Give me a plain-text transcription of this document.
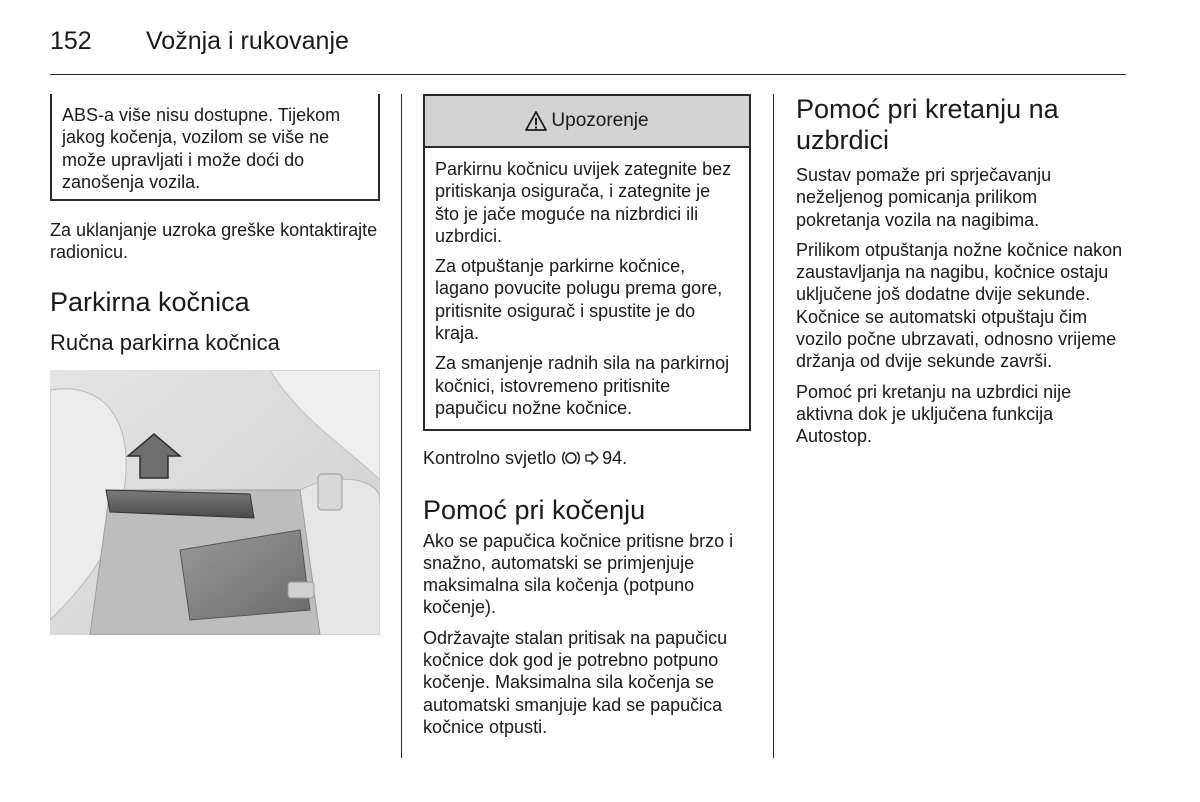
152 Vožnja i rukovanje

ABS-a više nisu dostupne. Tijekom jakog kočenja, vozilom se više ne može upravljati i može doći do zanošenja vozila.

Za uklanjanje uzroka greške kontaktirajte radionicu.

Parkirna kočnica
Ručna parkirna kočnica
Upozorenje

Parkirnu kočnicu uvijek zategnite bez pritiskanja osigurača, i zategnite je što je jače moguće na nizbrdici ili uzbrdici.

Za otpuštanje parkirne kočnice, lagano povucite polugu prema gore, pritisnite osigurač i spustite je do kraja.

Za smanjenje radnih sila na parkirnoj kočnici, istovremeno pritisnite papučicu nožne kočnice.

Kontrolno svjetlo	94.

Pomoć pri kočenju

Ako se papučica kočnice pritisne brzo i snažno, automatski se primjenjuje maksimalna sila kočenja (potpuno kočenje).

Održavajte stalan pritisak na papučicu kočnice dok god je potrebno potpuno kočenje. Maksimalna sila kočenja se automatski smanjuje kad se papučica kočnice otpusti.

Pomoć pri kretanju na uzbrdici

Sustav pomaže pri sprječavanju neželjenog pomicanja prilikom pokretanja vozila na nagibima.

Prilikom otpuštanja nožne kočnice nakon zaustavljanja na nagibu, kočnice ostaju uključene još dodatne dvije sekunde. Kočnice se automatski otpuštaju čim vozilo počne ubrzavati, odnosno vrijeme držanja od dvije sekunde završi.

Pomoć pri kretanju na uzbrdici nije aktivna dok je uključena funkcija Autostop.
